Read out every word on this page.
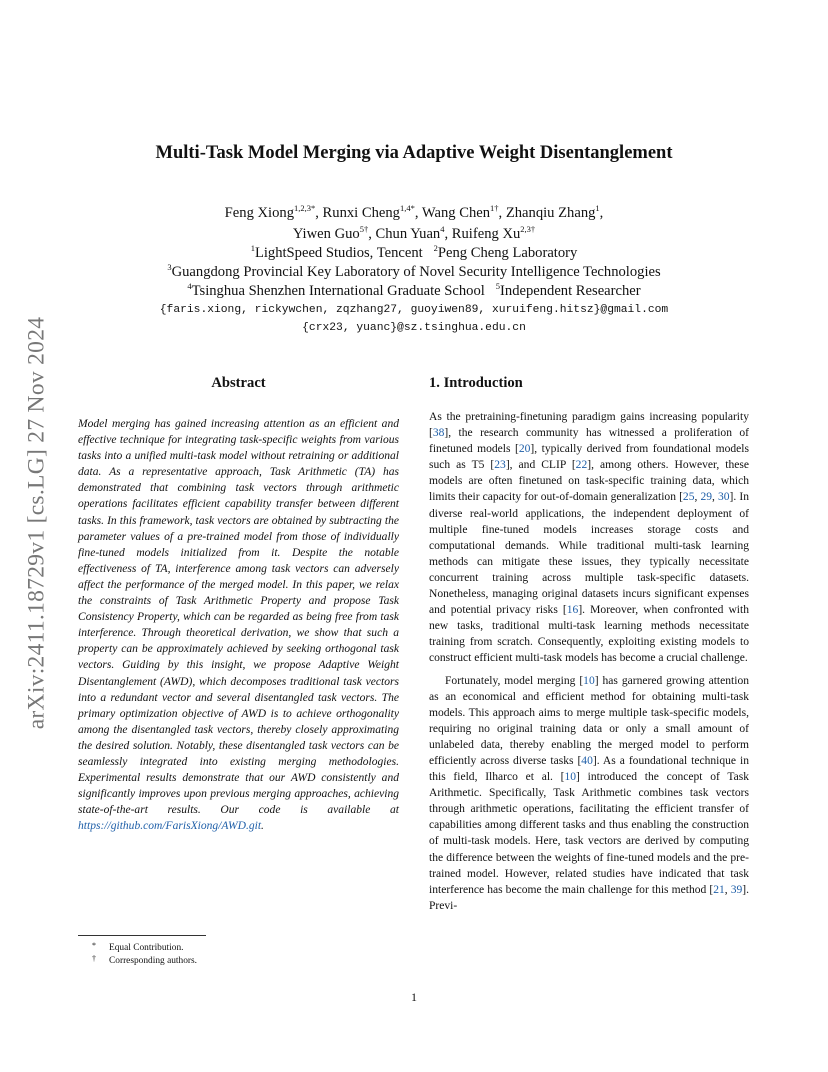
arXiv:2411.18729v1 [cs.LG] 27 Nov 2024
Multi-Task Model Merging via Adaptive Weight Disentanglement
Feng Xiong$^{1,2,3*}$, Runxi Cheng$^{1,4*}$, Wang Chen$^{1\dagger}$, Zhanqiu Zhang$^1$,
Yiwen Guo$^{5\dagger}$, Chun Yuan$^4$, Ruifeng $Xu^{2,3\dagger}$
$^1$LightSpeed Studios, Tencent $^2$Peng Cheng Laboratory
$^3$Guangdong Provincial Key Laboratory of Novel Security Intelligence Technologies
$^4$Tsinghua Shenzhen International Graduate School $^5$Independent Researcher
{faris.xiong, rickywchen, zqzhang27, guoyiwen89, xuruifeng.hitsz}@gmail.com
{crx23, yuanc}@sz.tsinghua.edu.cn
Abstract
Model merging has gained increasing attention as an efficient and effective technique for integrating task-specific weights from various tasks into a unified multi-task model without retraining or additional data. As a representative approach, Task Arithmetic (TA) has demonstrated that combining task vectors through arithmetic operations facilitates efficient capability transfer between different tasks. In this framework, task vectors are obtained by subtracting the parameter values of a pre-trained model from those of individually fine-tuned models initialized from it. Despite the notable effectiveness of TA, interference among task vectors can adversely affect the performance of the merged model. In this paper, we relax the constraints of Task Arithmetic Property and propose Task Consistency Property, which can be regarded as being free from task interference. Through theoretical derivation, we show that such a property can be approximately achieved by seeking orthogonal task vectors. Guiding by this insight, we propose Adaptive Weight Disentanglement (AWD), which decomposes traditional task vectors into a redundant vector and several disentangled task vectors. The primary optimization objective of AWD is to achieve orthogonality among the disentangled task vectors, thereby closely approximating the desired solution. Notably, these disentangled task vectors can be seamlessly integrated into existing merging methodologies. Experimental results demonstrate that our AWD consistently and significantly improves upon previous merging approaches, achieving state-of-the-art results. Our code is available at https://github.com/FarisXiong/AWD.git.
1. Introduction

As the pretraining-finetuning paradigm gains increasing popularity [38], the research community has witnessed a proliferation of finetuned models [20], typically derived from foundational models such as T5 [23], and CLIP [22], among others. However, these models are often finetuned on task-specific training data, which limits their capacity for out-of-domain generalization [25, 29, 30]. In diverse real-world applications, the independent deployment of multiple fine-tuned models increases storage costs and computational demands. While traditional multi-task learning methods can mitigate these issues, they typically necessitate concurrent training across multiple task-specific datasets. Nonetheless, managing original datasets incurs significant expenses and potential privacy risks [16]. Moreover, when confronted with new tasks, traditional multi-task learning methods necessitate training from scratch. Consequently, exploiting existing models to construct efficient multi-task models has become a crucial challenge.

Fortunately, model merging [10] has garnered growing attention as an economical and efficient method for obtaining multi-task models. This approach aims to merge multiple task-specific models, requiring no original training data or only a small amount of unlabeled data, thereby enabling the merged model to perform efficiently across diverse tasks [40]. As a foundational technique in this field, Ilharco et al. [10] introduced the concept of Task Arithmetic. Specifically, Task Arithmetic combines task vectors through arithmetic operations, facilitating the efficient transfer of capabilities among different tasks and thus enabling the construction of multi-task models. Here, task vectors are derived by computing the difference between the weights of fine-tuned models and the pre-trained model. However, related studies have indicated that task interference has become the main challenge for this method [21, 39]. Previ-

* Equal Contribution.
† Corresponding authors.
1
